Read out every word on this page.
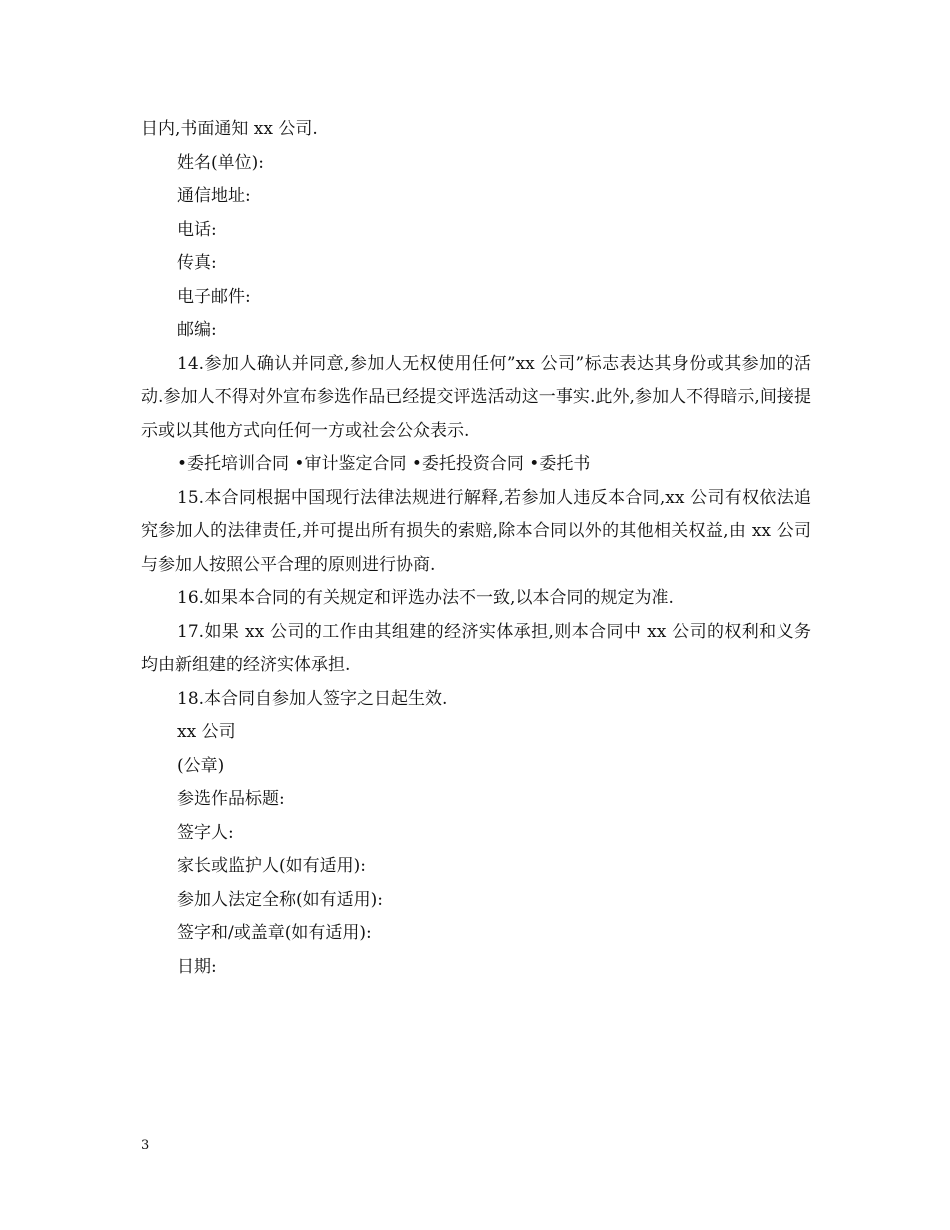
日内,书面通知 xx 公司.
姓名(单位):
通信地址:
电话:
传真:
电子邮件:
邮编:
14.参加人确认并同意,参加人无权使用任何”xx 公司”标志表达其身份或其参加的活动.参加人不得对外宣布参选作品已经提交评选活动这一事实.此外,参加人不得暗示,间接提示或以其他方式向任何一方或社会公众表示.
•委托培训合同 •审计鉴定合同 •委托投资合同 •委托书
15.本合同根据中国现行法律法规进行解释,若参加人违反本合同,xx 公司有权依法追究参加人的法律责任,并可提出所有损失的索赔,除本合同以外的其他相关权益,由 xx 公司与参加人按照公平合理的原则进行协商.
16.如果本合同的有关规定和评选办法不一致,以本合同的规定为准.
17.如果 xx 公司的工作由其组建的经济实体承担,则本合同中 xx 公司的权利和义务均由新组建的经济实体承担.
18.本合同自参加人签字之日起生效.
xx 公司
(公章)
参选作品标题:
签字人:
家长或监护人(如有适用):
参加人法定全称(如有适用):
签字和/或盖章(如有适用):
日期:
3
